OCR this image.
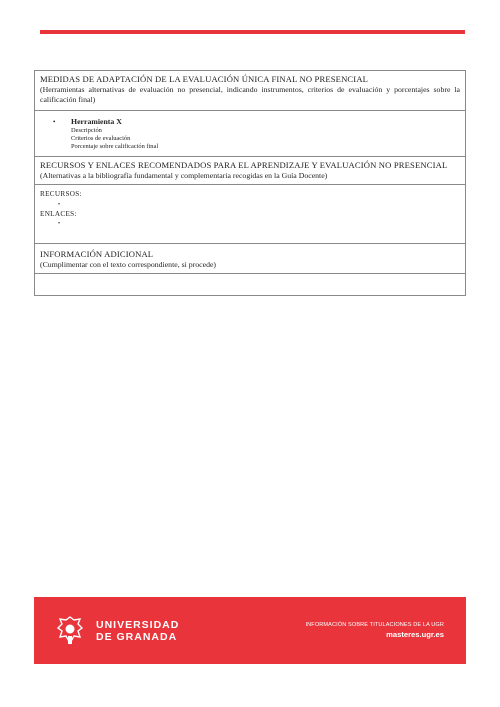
MEDIDAS DE ADAPTACIÓN DE LA EVALUACIÓN ÚNICA FINAL NO PRESENCIAL
(Herramientas alternativas de evaluación no presencial, indicando instrumentos, criterios de evaluación y porcentajes sobre la calificación final)
•	Herramienta X
Descripción
Criterios de evaluación
Porcentaje sobre calificación final
RECURSOS Y ENLACES RECOMENDADOS PARA EL APRENDIZAJE Y EVALUACIÓN NO PRESENCIAL
(Alternativas a la bibliografía fundamental y complementaria recogidas en la Guía Docente)
RECURSOS:
•
ENLACES:
•
INFORMACIÓN ADICIONAL
(Cumplimentar con el texto correspondiente, si procede)
UNIVERSIDAD
DE GRANADA
INFORMACIÓN SOBRE TITULACIONES DE LA UGR
masteres.ugr.es
